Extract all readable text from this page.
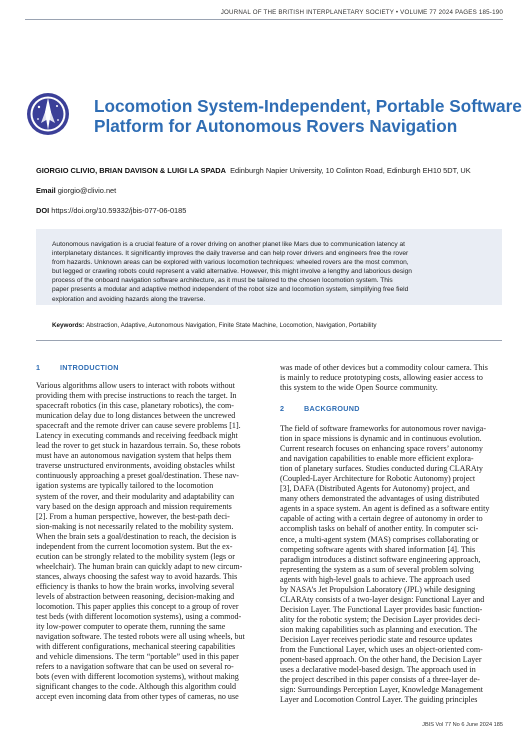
JOURNAL OF THE BRITISH INTERPLANETARY SOCIETY • VOLUME 77 2024 PAGES 185-190
Locomotion System-Independent, Portable Software
Platform for Autonomous Rovers Navigation
GIORGIO CLIVIO, BRIAN DAVISON & LUIGI LA SPADA Edinburgh Napier University, 10 Colinton Road, Edinburgh EH10 5DT, UK
Email giorgio@clivio.net
DOI https://doi.org/10.59332/jbis-077-06-0185
Autonomous navigation is a crucial feature of a rover driving on another planet like Mars due to communication latency at
interplanetary distances. It significantly improves the daily traverse and can help rover drivers and engineers free the rover
from hazards. Unknown areas can be explored with various locomotion techniques: wheeled rovers are the most common,
but legged or crawling robots could represent a valid alternative. However, this might involve a lengthy and laborious design
process of the onboard navigation software architecture, as it must be tailored to the chosen locomotion system. This
paper presents a modular and adaptive method independent of the robot size and locomotion system, simplifying free field
exploration and avoiding hazards along the traverse.
Keywords: Abstraction, Adaptive, Autonomous Navigation, Finite State Machine, Locomotion, Navigation, Portability
1	INTRODUCTION
Various algorithms allow users to interact with robots without
providing them with precise instructions to reach the target. In
spacecraft robotics (in this case, planetary robotics), the com-
munication delay due to long distances between the uncrewed
spacecraft and the remote driver can cause severe problems [1].
Latency in executing commands and receiving feedback might
lead the rover to get stuck in hazardous terrain. So, these robots
must have an autonomous navigation system that helps them
traverse unstructured environments, avoiding obstacles whilst
continuously approaching a preset goal/destination. These nav-
igation systems are typically tailored to the locomotion
system of the rover, and their modularity and adaptability can
vary based on the design approach and mission requirements
[2]. From a human perspective, however, the best-path deci-
sion-making is not necessarily related to the mobility system.
When the brain sets a goal/destination to reach, the decision is
independent from the current locomotion system. But the ex-
ecution can be strongly related to the mobility system (legs or
wheelchair). The human brain can quickly adapt to new circum-
stances, always choosing the safest way to avoid hazards. This
efficiency is thanks to how the brain works, involving several
levels of abstraction between reasoning, decision-making and
locomotion. This paper applies this concept to a group of rover
test beds (with different locomotion systems), using a commod-
ity low-power computer to operate them, running the same
navigation software. The tested robots were all using wheels, but
with different configurations, mechanical steering capabilities
and vehicle dimensions. The term “portable” used in this paper
refers to a navigation software that can be used on several ro-
bots (even with different locomotion systems), without making
significant changes to the code. Although this algorithm could
accept even incoming data from other types of cameras, no use
was made of other devices but a commodity colour camera. This
is mainly to reduce prototyping costs, allowing easier access to
this system to the wide Open Source community.
2	BACKGROUND
The field of software frameworks for autonomous rover naviga-
tion in space missions is dynamic and in continuous evolution.
Current research focuses on enhancing space rovers’ autonomy
and navigation capabilities to enable more efficient explora-
tion of planetary surfaces. Studies conducted during CLARAty
(Coupled-Layer Architecture for Robotic Autonomy) project
[3], DAFA (Distributed Agents for Autonomy) project, and
many others demonstrated the advantages of using distributed
agents in a space system. An agent is defined as a software entity
capable of acting with a certain degree of autonomy in order to
accomplish tasks on behalf of another entity. In computer sci-
ence, a multi-agent system (MAS) comprises collaborating or
competing software agents with shared information [4]. This
paradigm introduces a distinct software engineering approach,
representing the system as a sum of several problem solving
agents with high-level goals to achieve. The approach used
by NASA’s Jet Propulsion Laboratory (JPL) while designing
CLARAty consists of a two-layer design: Functional Layer and
Decision Layer. The Functional Layer provides basic function-
ality for the robotic system; the Decision Layer provides deci-
sion making capabilities such as planning and execution. The
Decision Layer receives periodic state and resource updates
from the Functional Layer, which uses an object-oriented com-
ponent-based approach. On the other hand, the Decision Layer
uses a declarative model-based design. The approach used in
the project described in this paper consists of a three-layer de-
sign: Surroundings Perception Layer, Knowledge Management
Layer and Locomotion Control Layer. The guiding principles
JBIS Vol 77 No 6 June 2024 185
